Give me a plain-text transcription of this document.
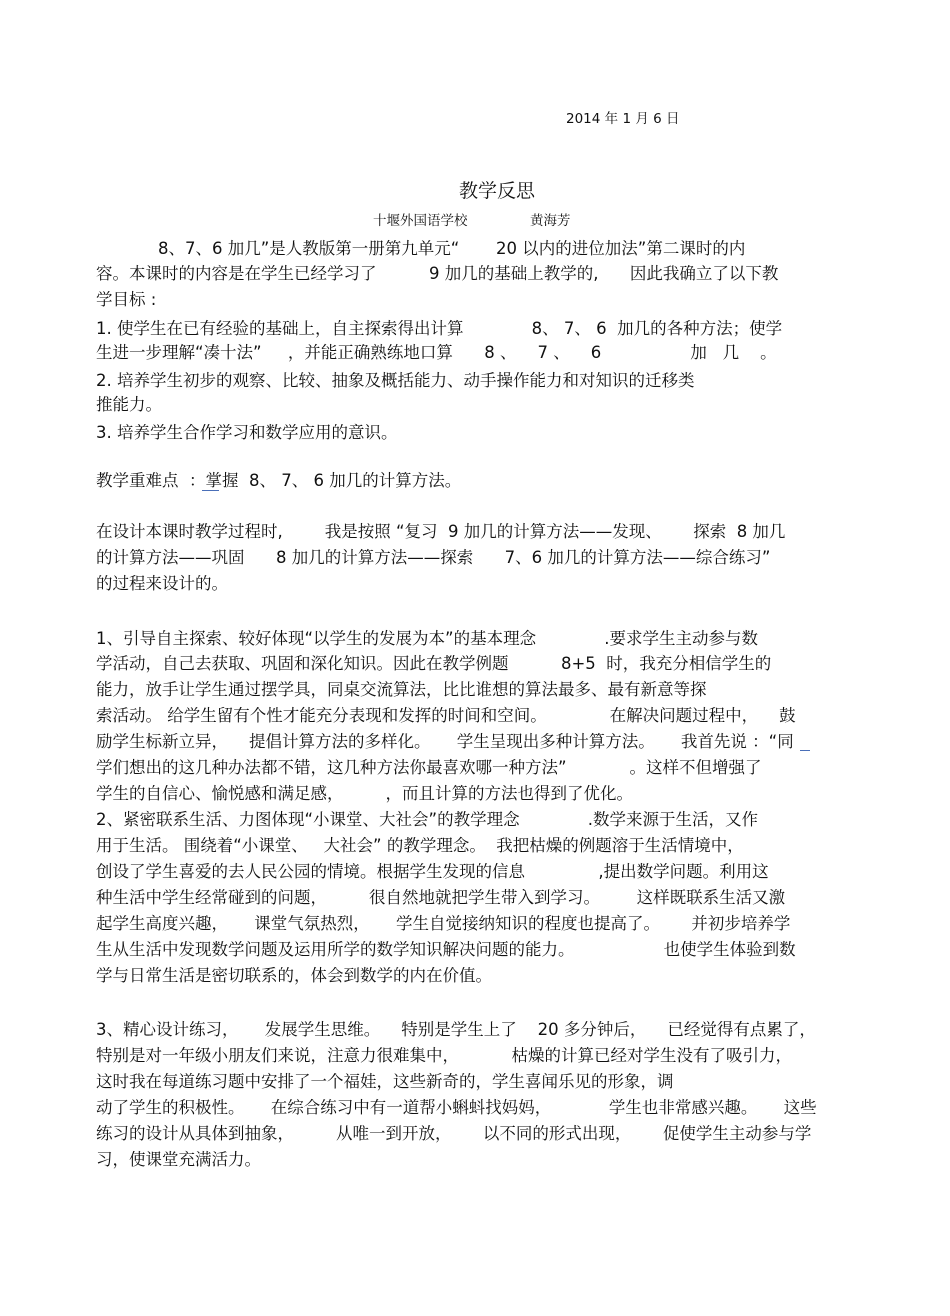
2014 年 1 月 6 日
教学反思
十堰外国语学校	黄海芳
8、7、6 加几”是人教版第一册第九单元“       20 以内的进位加法”第二课时的内
容。本课时的内容是在学生已经学习了          9 加几的基础上教学的,      因此我确立了以下教
学目标 :
1. 使学生在已有经验的基础上，自主探索得出计算             8、 7、 6  加几的各种方法；使学
生进一步理解“凑十法”     ，并能正确熟练地口算      8 、    7 、    6                 加   几    。
2. 培养学生初步的观察、比较、抽象及概括能力、动手操作能力和对知识的迁移类
推能力。
3. 培养学生合作学习和数学应用的意识。
教学重难点  ：掌握  8、 7、 6 加几的计算方法。
在设计本课时教学过程时,        我是按照 “复习  9 加几的计算方法——发现、      探索  8 加几
的计算方法——巩固      8 加几的计算方法——探索      7、6 加几的计算方法——综合练习”
的过程来设计的。
1、引导自主探索、较好体现“以学生的发展为本”的基本理念             .要求学生主动参与数
学活动，自己去获取、巩固和深化知识。因此在教学例题          8+5  时，我充分相信学生的
能力，放手让学生通过摆学具，同桌交流算法，比比谁想的算法最多、最有新意等探
索活动。 给学生留有个性才能充分表现和发挥的时间和空间。            在解决问题过程中，    鼓
励学生标新立异，    提倡计算方法的多样化。     学生呈现出多种计算方法。     我首先说 ：“同
学们想出的这几种办法都不错，这几种方法你最喜欢哪一种方法”            。这样不但增强了
学生的自信心、愉悦感和满足感，        ，而且计算的方法也得到了优化。
2、紧密联系生活、力图体现“小课堂、大社会”的教学理念             .数学来源于生活，又作
用于生活。 围绕着“小课堂、   大社会” 的教学理念。  我把枯燥的例题溶于生活情境中，
创设了学生喜爱的去人民公园的情境。根据学生发现的信息              ,提出数学问题。利用这
种生活中学生经常碰到的问题，        很自然地就把学生带入到学习。       这样既联系生活又激
起学生高度兴趣，     课堂气氛热烈，     学生自觉接纳知识的程度也提高了。      并初步培养学
生从生活中发现数学问题及运用所学的数学知识解决问题的能力。                 也使学生体验到数
学与日常生活是密切联系的，体会到数学的内在价值。
3、精心设计练习，     发展学生思维。    特别是学生上了    20 多分钟后，    已经觉得有点累了，
特别是对一年级小朋友们来说，注意力很难集中，          枯燥的计算已经对学生没有了吸引力，
这时我在每道练习题中安排了一个福娃，这些新奇的，学生喜闻乐见的形象，调
动了学生的积极性。     在综合练习中有一道帮小蝌蚪找妈妈，           学生也非常感兴趣。     这些
练习的设计从具体到抽象，        从唯一到开放，      以不同的形式出现，      促使学生主动参与学
习，使课堂充满活力。
